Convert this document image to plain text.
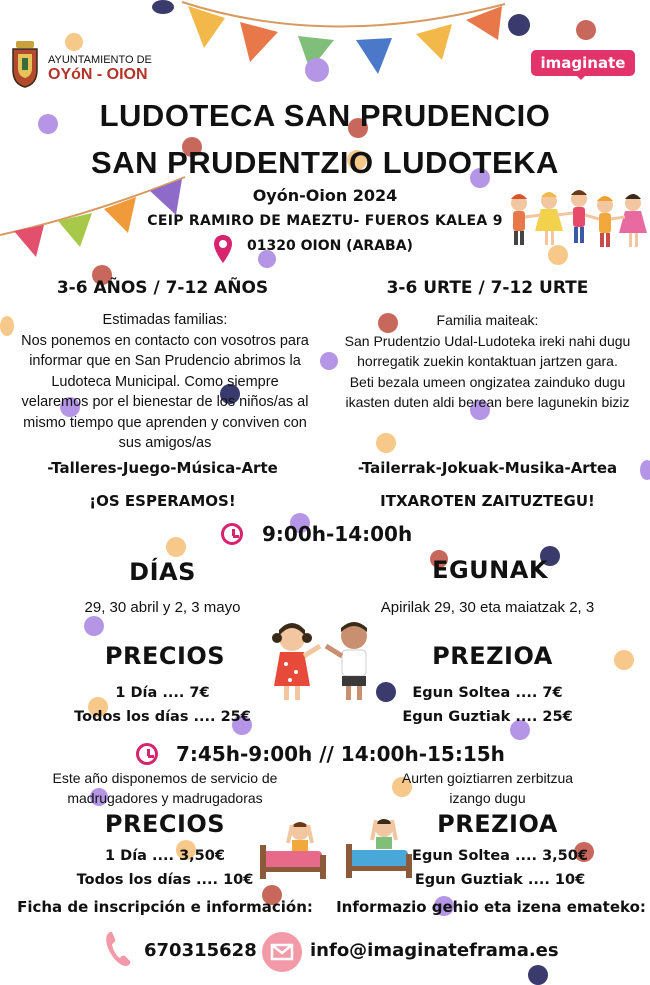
AYUNTAMIENTO DE
OYóN - OION
imaginate
LUDOTECA SAN PRUDENCIO
SAN PRUDENTZIO LUDOTEKA
Oyón-Oion 2024
CEIP RAMIRO DE MAEZTU- FUEROS KALEA 9
01320 OION (ARABA)
3-6 AÑOS / 7-12 AÑOS	3-6 URTE / 7-12 URTE
Estimadas familias:
Nos ponemos en contacto con vosotros para
informar que en San Prudencio abrimos la
Ludoteca Municipal. Como siempre
velaremos por el bienestar de los niños/as al
mismo tiempo que aprenden y conviven con
sus amigos/as
Familia maiteak:
San Prudentzio Udal-Ludoteka ireki nahi dugu
horregatik zuekin kontaktuan jartzen gara.
Beti bezala umeen ongizatea zainduko dugu
ikasten duten aldi berean bere lagunekin biziz
-Talleres-Juego-Música-Arte	-Tailerrak-Jokuak-Musika-Artea
¡OS ESPERAMOS!	ITXAROTEN ZAITUZTEGU!
9:00h-14:00h
DÍAS	EGUNAK
29, 30 abril y 2, 3 mayo	Apirilak 29, 30 eta maiatzak 2, 3
PRECIOS	PREZIOA
1 Día .... 7€
Todos los días .... 25€
Egun Soltea .... 7€
Egun Guztiak .... 25€
7:45h-9:00h // 14:00h-15:15h
Este año disponemos de servicio de
madrugadores y madrugadoras
Aurten goiztiarren zerbitzua
izango dugu
PRECIOS	PREZIOA
1 Día .... 3,50€
Todos los días .... 10€
Egun Soltea .... 3,50€
Egun Guztiak .... 10€
Ficha de inscripción e información:	Informazio gehio eta izena emateko:
670315628	info@imaginateframa.es
